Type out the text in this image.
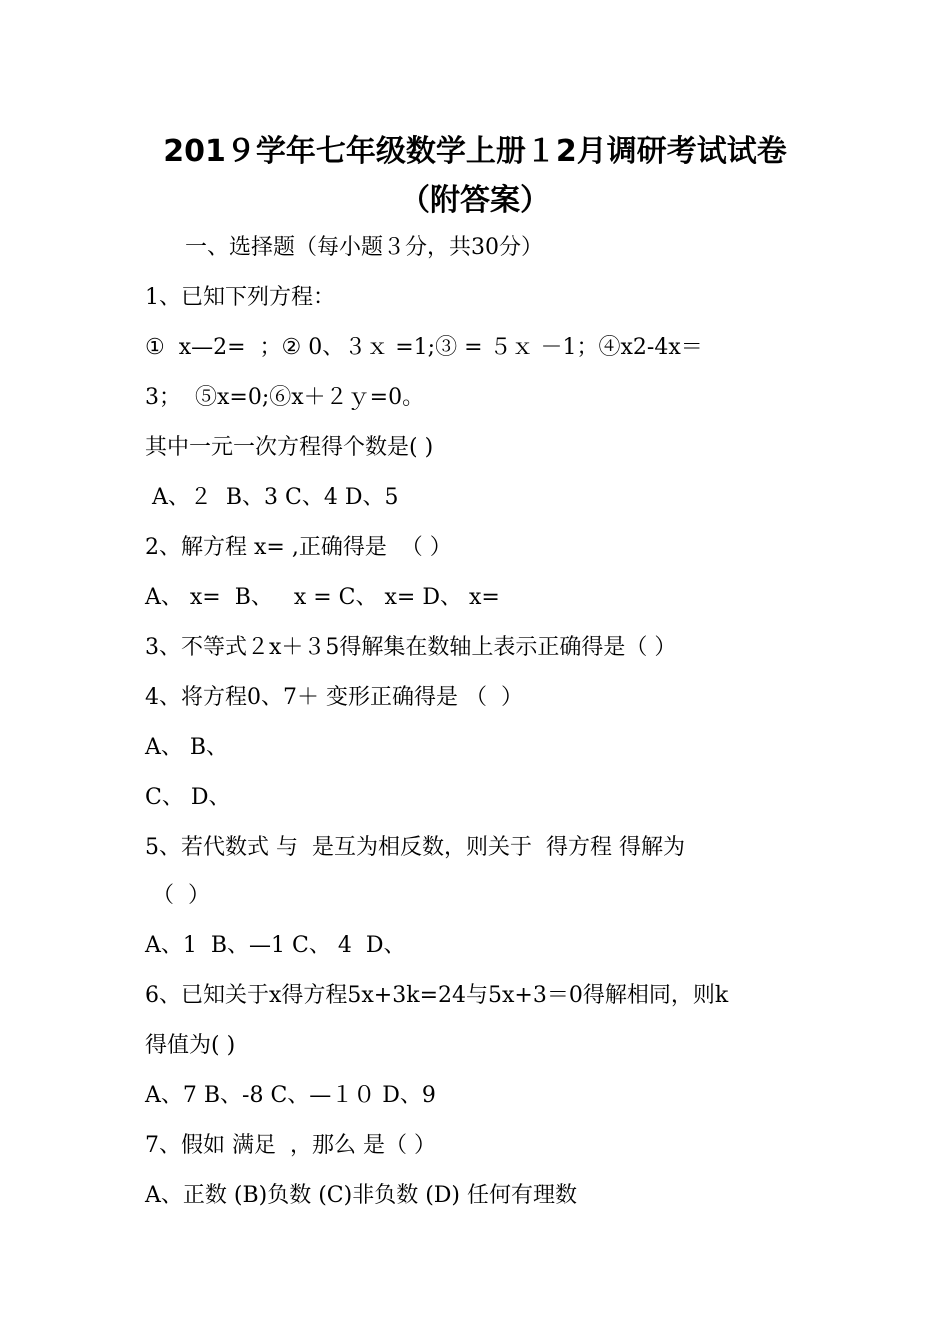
201９学年七年级数学上册１2月调研考试试卷
（附答案）
一、选择题（每小题３分，共30分）
1、已知下列方程：
①  x—2=  ；② 0、３ｘ =1;③ = ５ｘ －1；④x2-4x＝
3；  ⑤x=0;⑥x＋２ｙ=0。
其中一元一次方程得个数是( )
A、２  B、3 C、4 D、5
2、解方程 x= ,正确得是  （ ）
A、 x=  B、   x = C、 x= D、 x=
3、不等式２x＋３5得解集在数轴上表示正确得是（ ）
4、将方程0、7＋ 变形正确得是 （  ）
A、 B、
C、 D、
5、若代数式 与  是互为相反数，则关于  得方程 得解为
（  ）
A、1  B、—1 C、 4  D、
6、已知关于x得方程5x+3k=24与5x+3＝0得解相同，则k
得值为( )
A、7 B、-8 C、—１０ D、9
7、假如 满足  ，那么 是（ ）
A、正数 (B)负数 (C)非负数 (D) 任何有理数
